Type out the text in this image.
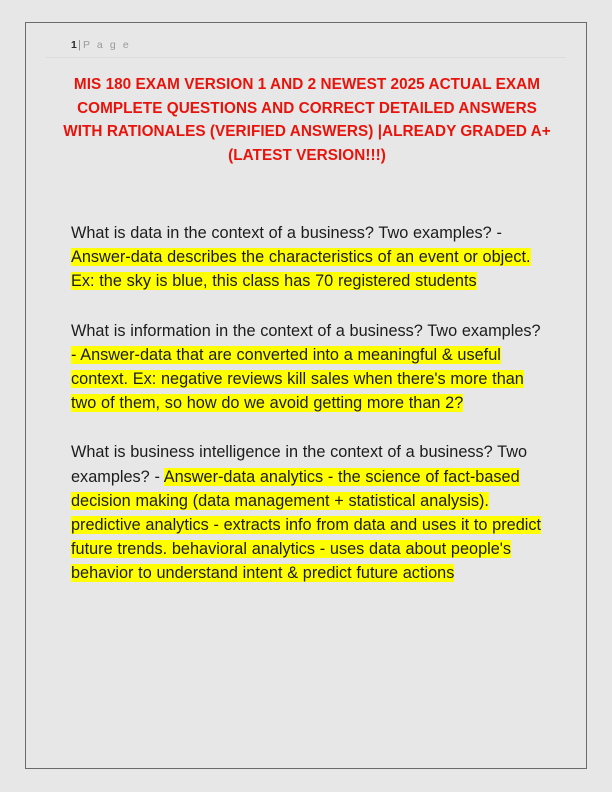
1| P a g e
MIS 180 EXAM VERSION 1 AND 2 NEWEST 2025 ACTUAL EXAM COMPLETE QUESTIONS AND CORRECT DETAILED ANSWERS WITH RATIONALES (VERIFIED ANSWERS) |ALREADY GRADED A+ (LATEST VERSION!!!)
What is data in the context of a business? Two examples? - Answer-data describes the characteristics of an event or object. Ex: the sky is blue, this class has 70 registered students
What is information in the context of a business? Two examples? - Answer-data that are converted into a meaningful & useful context. Ex: negative reviews kill sales when there's more than two of them, so how do we avoid getting more than 2?
What is business intelligence in the context of a business? Two examples? - Answer-data analytics - the science of fact-based decision making (data management + statistical analysis). predictive analytics - extracts info from data and uses it to predict future trends. behavioral analytics - uses data about people's behavior to understand intent & predict future actions
